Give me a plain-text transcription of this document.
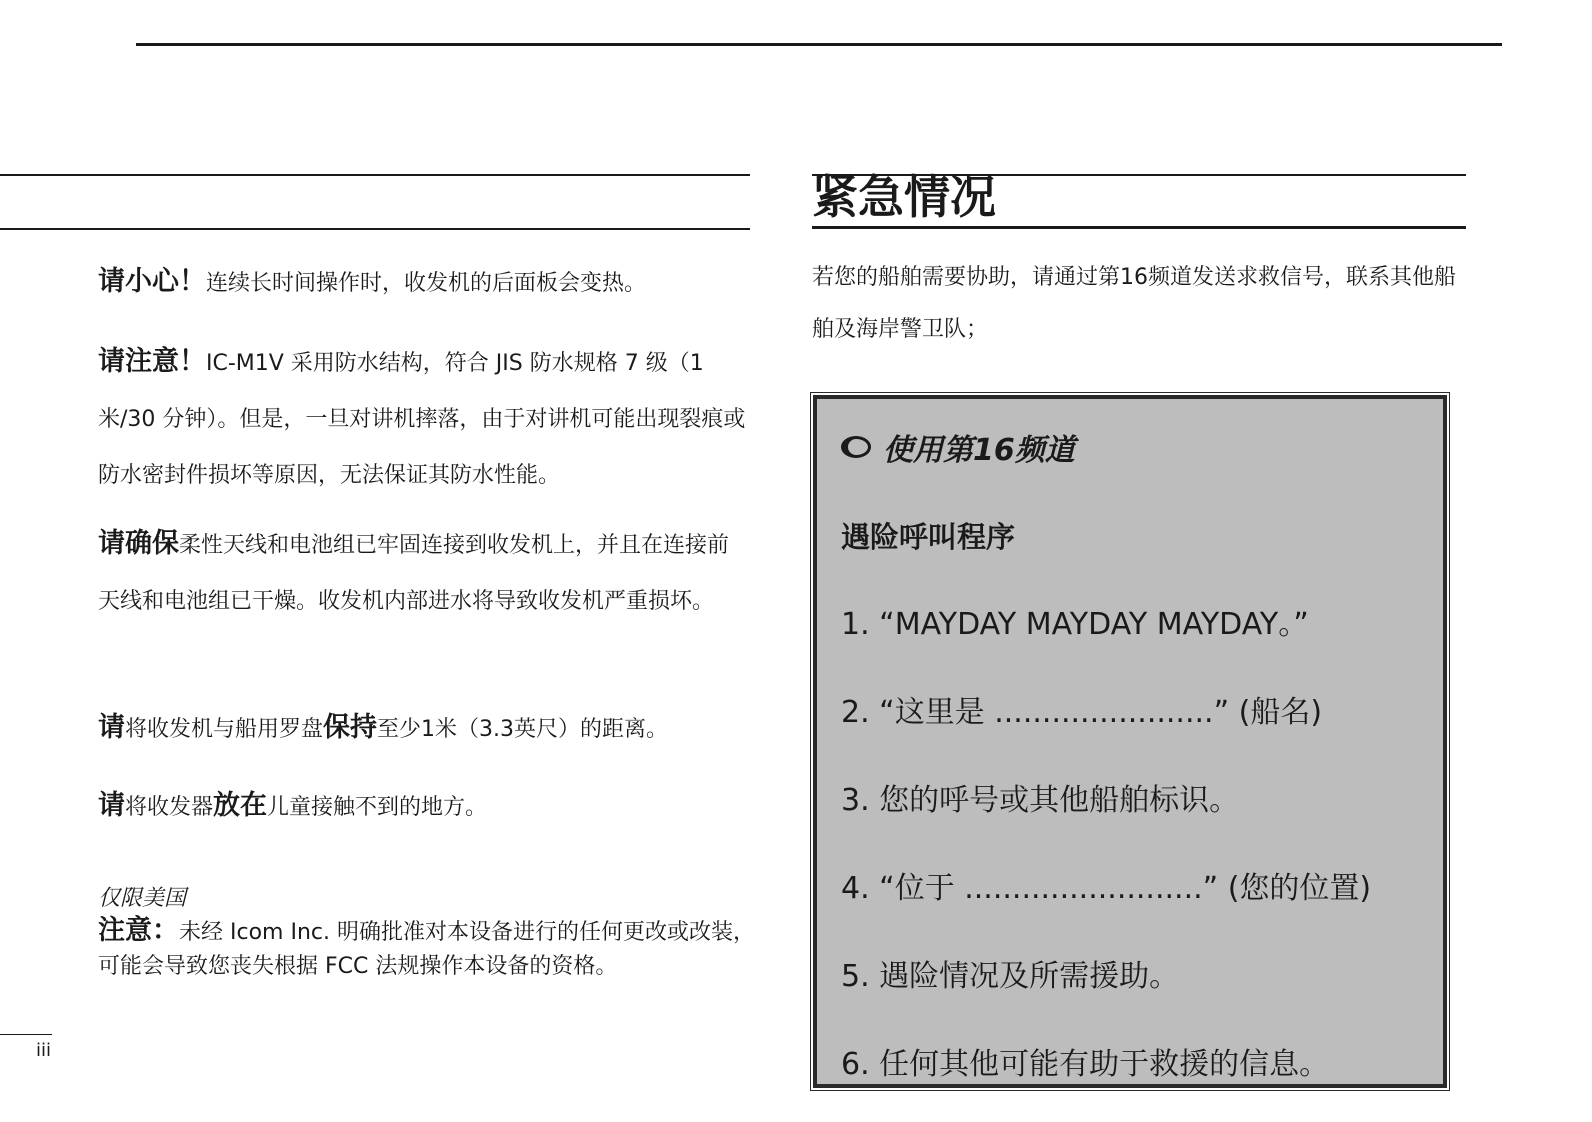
请小心！连续长时间操作时，收发机的后面板会变热。
请注意！IC-M1V 采用防水结构，符合 JIS 防水规格 7 级（1 米/30 分钟）。但是，一旦对讲机摔落，由于对讲机可能出现裂痕或防水密封件损坏等原因，无法保证其防水性能。
请确保柔性天线和电池组已牢固连接到收发机上，并且在连接前天线和电池组已干燥。收发机内部进水将导致收发机严重损坏。
请将收发机与船用罗盘保持至少1米（3.3英尺）的距离。
请将收发器放在儿童接触不到的地方。
仅限美国
注意：未经 Icom Inc. 明确批准对本设备进行的任何更改或改装，可能会导致您丧失根据 FCC 法规操作本设备的资格。
iii
紧急情况
若您的船舶需要协助，请通过第16频道发送求救信号，联系其他船舶及海岸警卫队；
使用第16频道
遇险呼叫程序
1. “MAYDAY MAYDAY MAYDAY。”
2. “这里是 .......................” (船名)
3. 您的呼号或其他船舶标识。
4. “位于 .........................” (您的位置)
5. 遇险情况及所需援助。
6. 任何其他可能有助于救援的信息。
